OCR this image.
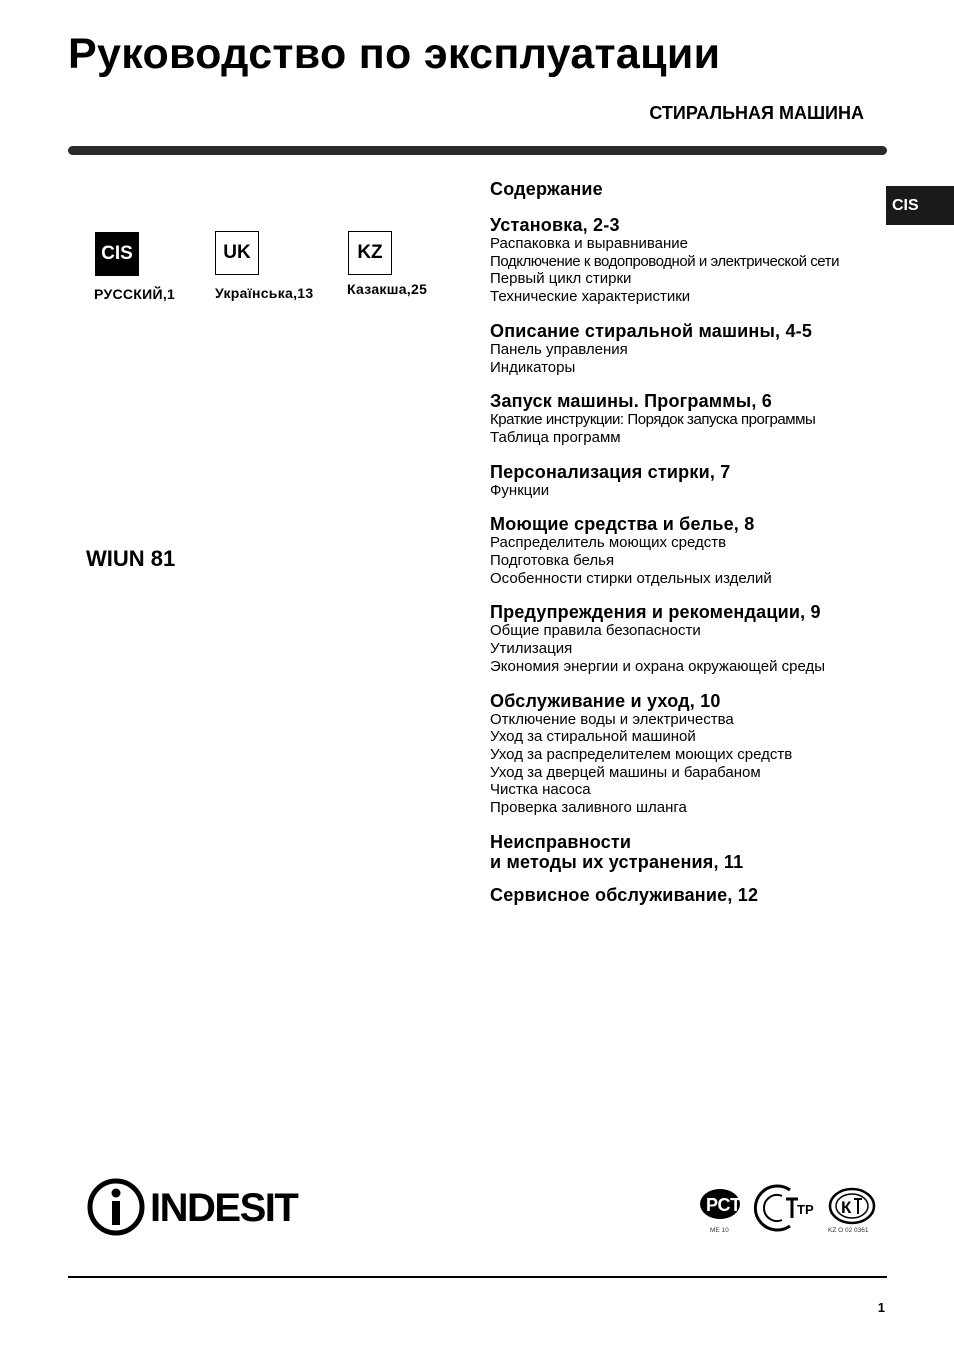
Руководство по эксплуатации
СТИРАЛЬНАЯ МАШИНА
CIS
CIS
РУССКИЙ,1
UK
Українська,13
KZ
Казакша,25
WIUN 81
Содержание
Установка, 2-3
Распаковка и выравнивание
Подключение к водопроводной и электрической сети
Первый цикл стирки
Технические характеристики
Описание стиральной машины, 4-5
Панель управления
Индикаторы
Запуск машины. Программы, 6
Краткие инструкции: Порядок запуска программы
Таблица программ
Персонализация стирки, 7
Функции
Моющие средства и белье, 8
Распределитель моющих средств
Подготовка белья
Особенности стирки отдельных изделий
Предупреждения и рекомендации, 9
Общие правила безопасности
Утилизация
Экономия энергии и охрана окружающей среды
Обслуживание и уход, 10
Отключение воды и электричества
Уход за стиральной машиной
Уход за распределителем моющих средств
Уход за дверцей машины и барабаном
Чистка насоса
Проверка заливного шланга
Неисправности
и методы их устранения, 11
Сервисное обслуживание, 12
INDESIT	РСТ
ME 10
ТР К
KZ O 02 0361
1
